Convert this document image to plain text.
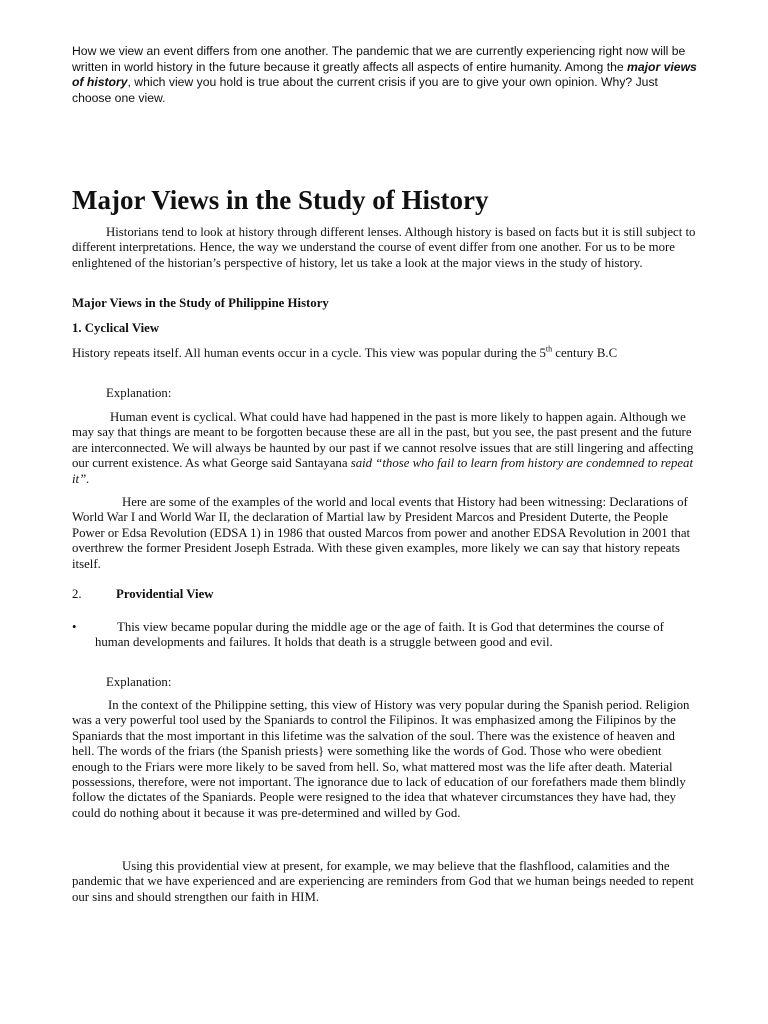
How we view an event differs from one another. The pandemic that we are currently experiencing right now will be written in world history in the future because it greatly affects all aspects of entire humanity. Among the major views of history, which view you hold is true about the current crisis if you are to give your own opinion. Why? Just choose one view.

Major Views in the Study of History

Historians tend to look at history through different lenses. Although history is based on facts but it is still subject to different interpretations. Hence, the way we understand the course of event differ from one another. For us to be more enlightened of the historian’s perspective of history, let us take a look at the major views in the study of history.

Major Views in the Study of Philippine History

1. Cyclical View

History repeats itself. All human events occur in a cycle. This view was popular during the 5th century B.C

Explanation:

Human event is cyclical. What could have had happened in the past is more likely to happen again. Although we may say that things are meant to be forgotten because these are all in the past, but you see, the past present and the future are interconnected. We will always be haunted by our past if we cannot resolve issues that are still lingering and affecting our current existence. As what George said Santayana said “those who fail to learn from history are condemned to repeat it”.

Here are some of the examples of the world and local events that History had been witnessing: Declarations of World War I and World War II, the declaration of Martial law by President Marcos and President Duterte, the People Power or Edsa Revolution (EDSA 1) in 1986 that ousted Marcos from power and another EDSA Revolution in 2001 that overthrew the former President Joseph Estrada. With these given examples, more likely we can say that history repeats itself.

2.	Providential View
•	This view became popular during the middle age or the age of faith. It is God that determines the course of human developments and failures. It holds that death is a struggle between good and evil.

Explanation:

In the context of the Philippine setting, this view of History was very popular during the Spanish period. Religion was a very powerful tool used by the Spaniards to control the Filipinos. It was emphasized among the Filipinos by the Spaniards that the most important in this lifetime was the salvation of the soul. There was the existence of heaven and hell. The words of the friars (the Spanish priests} were something like the words of God. Those who were obedient enough to the Friars were more likely to be saved from hell. So, what mattered most was the life after death. Material possessions, therefore, were not important. The ignorance due to lack of education of our forefathers made them blindly follow the dictates of the Spaniards. People were resigned to the idea that whatever circumstances they have had, they could do nothing about it because it was pre-determined and willed by God.

Using this providential view at present, for example, we may believe that the flashflood, calamities and the pandemic that we have experienced and are experiencing are reminders from God that we human beings needed to repent our sins and should strengthen our faith in HIM.
